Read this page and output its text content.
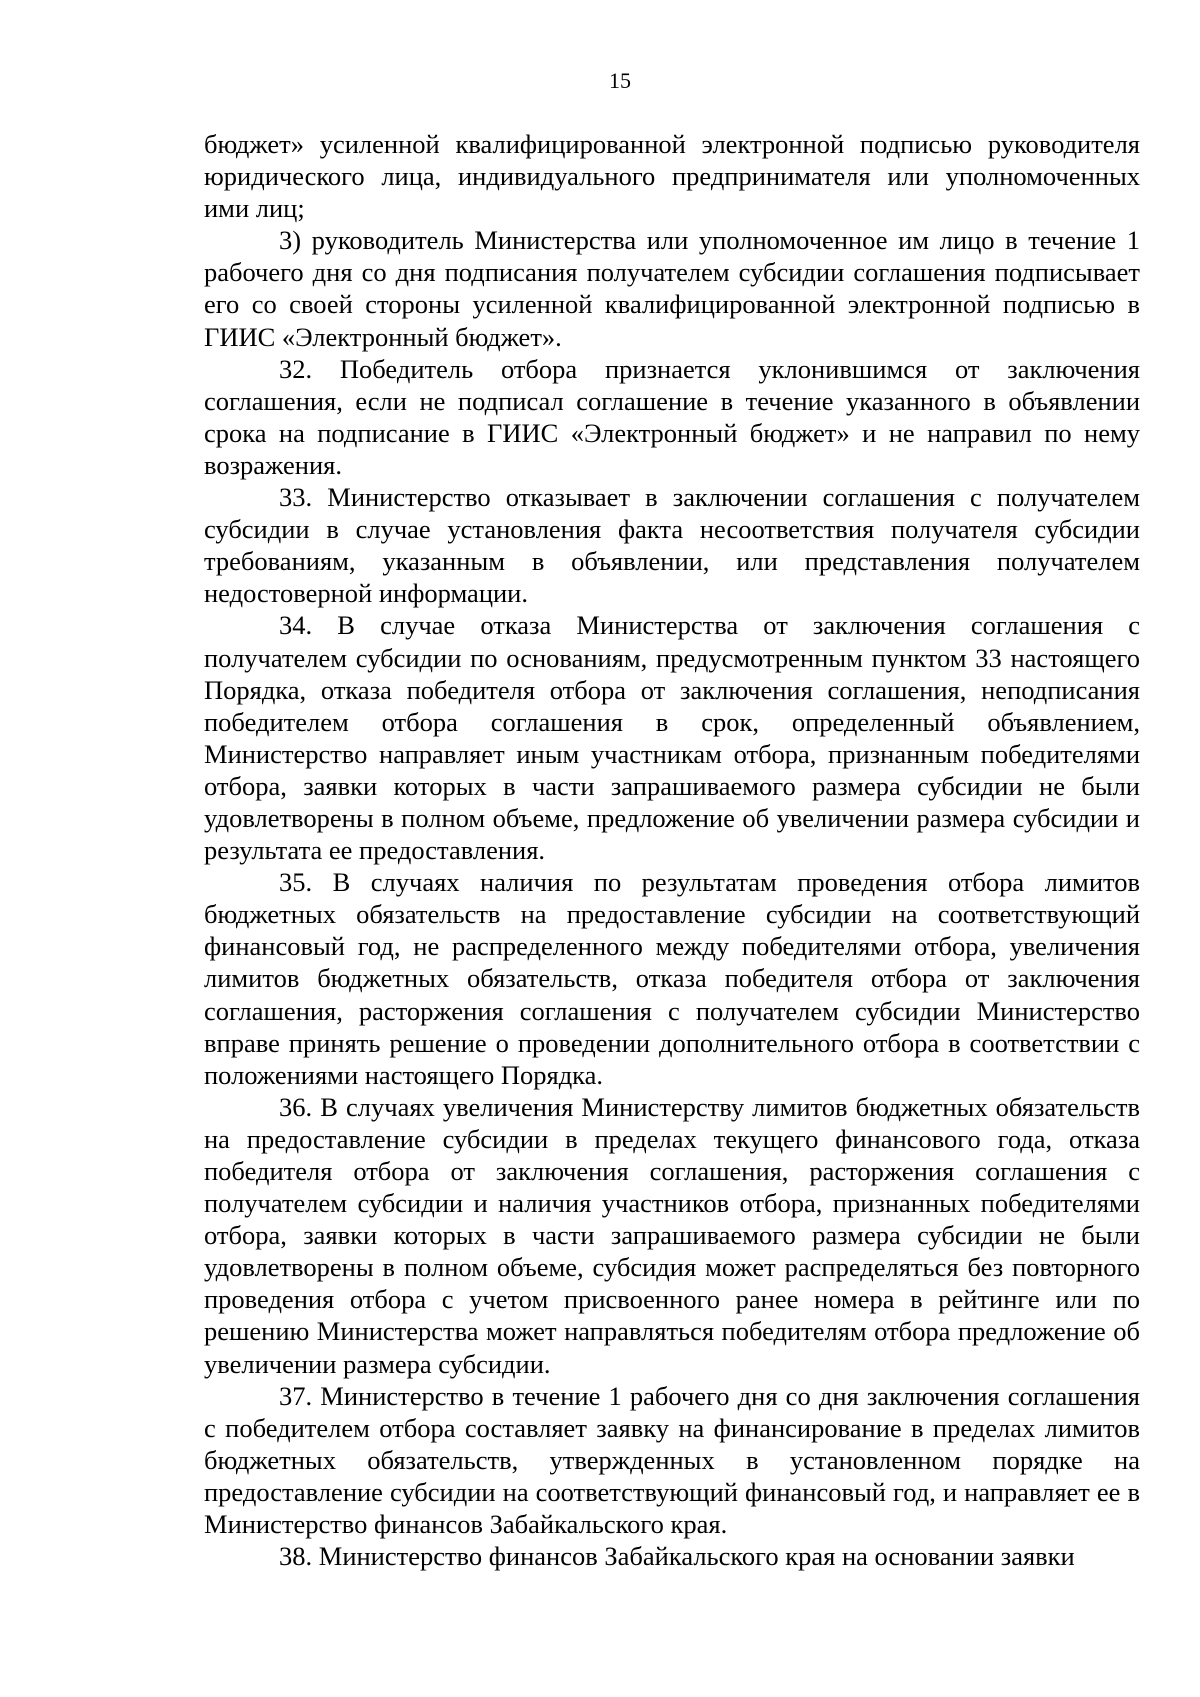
15

бюджет» усиленной квалифицированной электронной подписью руководителя юридического лица, индивидуального предпринимателя или уполномоченных ими лиц;

3) руководитель Министерства или уполномоченное им лицо в течение 1 рабочего дня со дня подписания получателем субсидии соглашения подписывает его со своей стороны усиленной квалифицированной электронной подписью в ГИИС «Электронный бюджет».

32. Победитель отбора признается уклонившимся от заключения соглашения, если не подписал соглашение в течение указанного в объявлении срока на подписание в ГИИС «Электронный бюджет» и не направил по нему возражения.

33. Министерство отказывает в заключении соглашения с получателем субсидии в случае установления факта несоответствия получателя субсидии требованиям, указанным в объявлении, или представления получателем недостоверной информации.

34. В случае отказа Министерства от заключения соглашения с получателем субсидии по основаниям, предусмотренным пунктом 33 настоящего Порядка, отказа победителя отбора от заключения соглашения, неподписания победителем отбора соглашения в срок, определенный объявлением, Министерство направляет иным участникам отбора, признанным победителями отбора, заявки которых в части запрашиваемого размера субсидии не были удовлетворены в полном объеме, предложение об увеличении размера субсидии и результата ее предоставления.

35. В случаях наличия по результатам проведения отбора лимитов бюджетных обязательств на предоставление субсидии на соответствующий финансовый год, не распределенного между победителями отбора, увеличения лимитов бюджетных обязательств, отказа победителя отбора от заключения соглашения, расторжения соглашения с получателем субсидии Министерство вправе принять решение о проведении дополнительного отбора в соответствии с положениями настоящего Порядка.

36. В случаях увеличения Министерству лимитов бюджетных обязательств на предоставление субсидии в пределах текущего финансового года, отказа победителя отбора от заключения соглашения, расторжения соглашения с получателем субсидии и наличия участников отбора, признанных победителями отбора, заявки которых в части запрашиваемого размера субсидии не были удовлетворены в полном объеме, субсидия может распределяться без повторного проведения отбора с учетом присвоенного ранее номера в рейтинге или по решению Министерства может направляться победителям отбора предложение об увеличении размера субсидии.

37. Министерство в течение 1 рабочего дня со дня заключения соглашения с победителем отбора составляет заявку на финансирование в пределах лимитов бюджетных обязательств, утвержденных в установленном порядке на предоставление субсидии на соответствующий финансовый год, и направляет ее в Министерство финансов Забайкальского края.

38. Министерство финансов Забайкальского края на основании заявки
